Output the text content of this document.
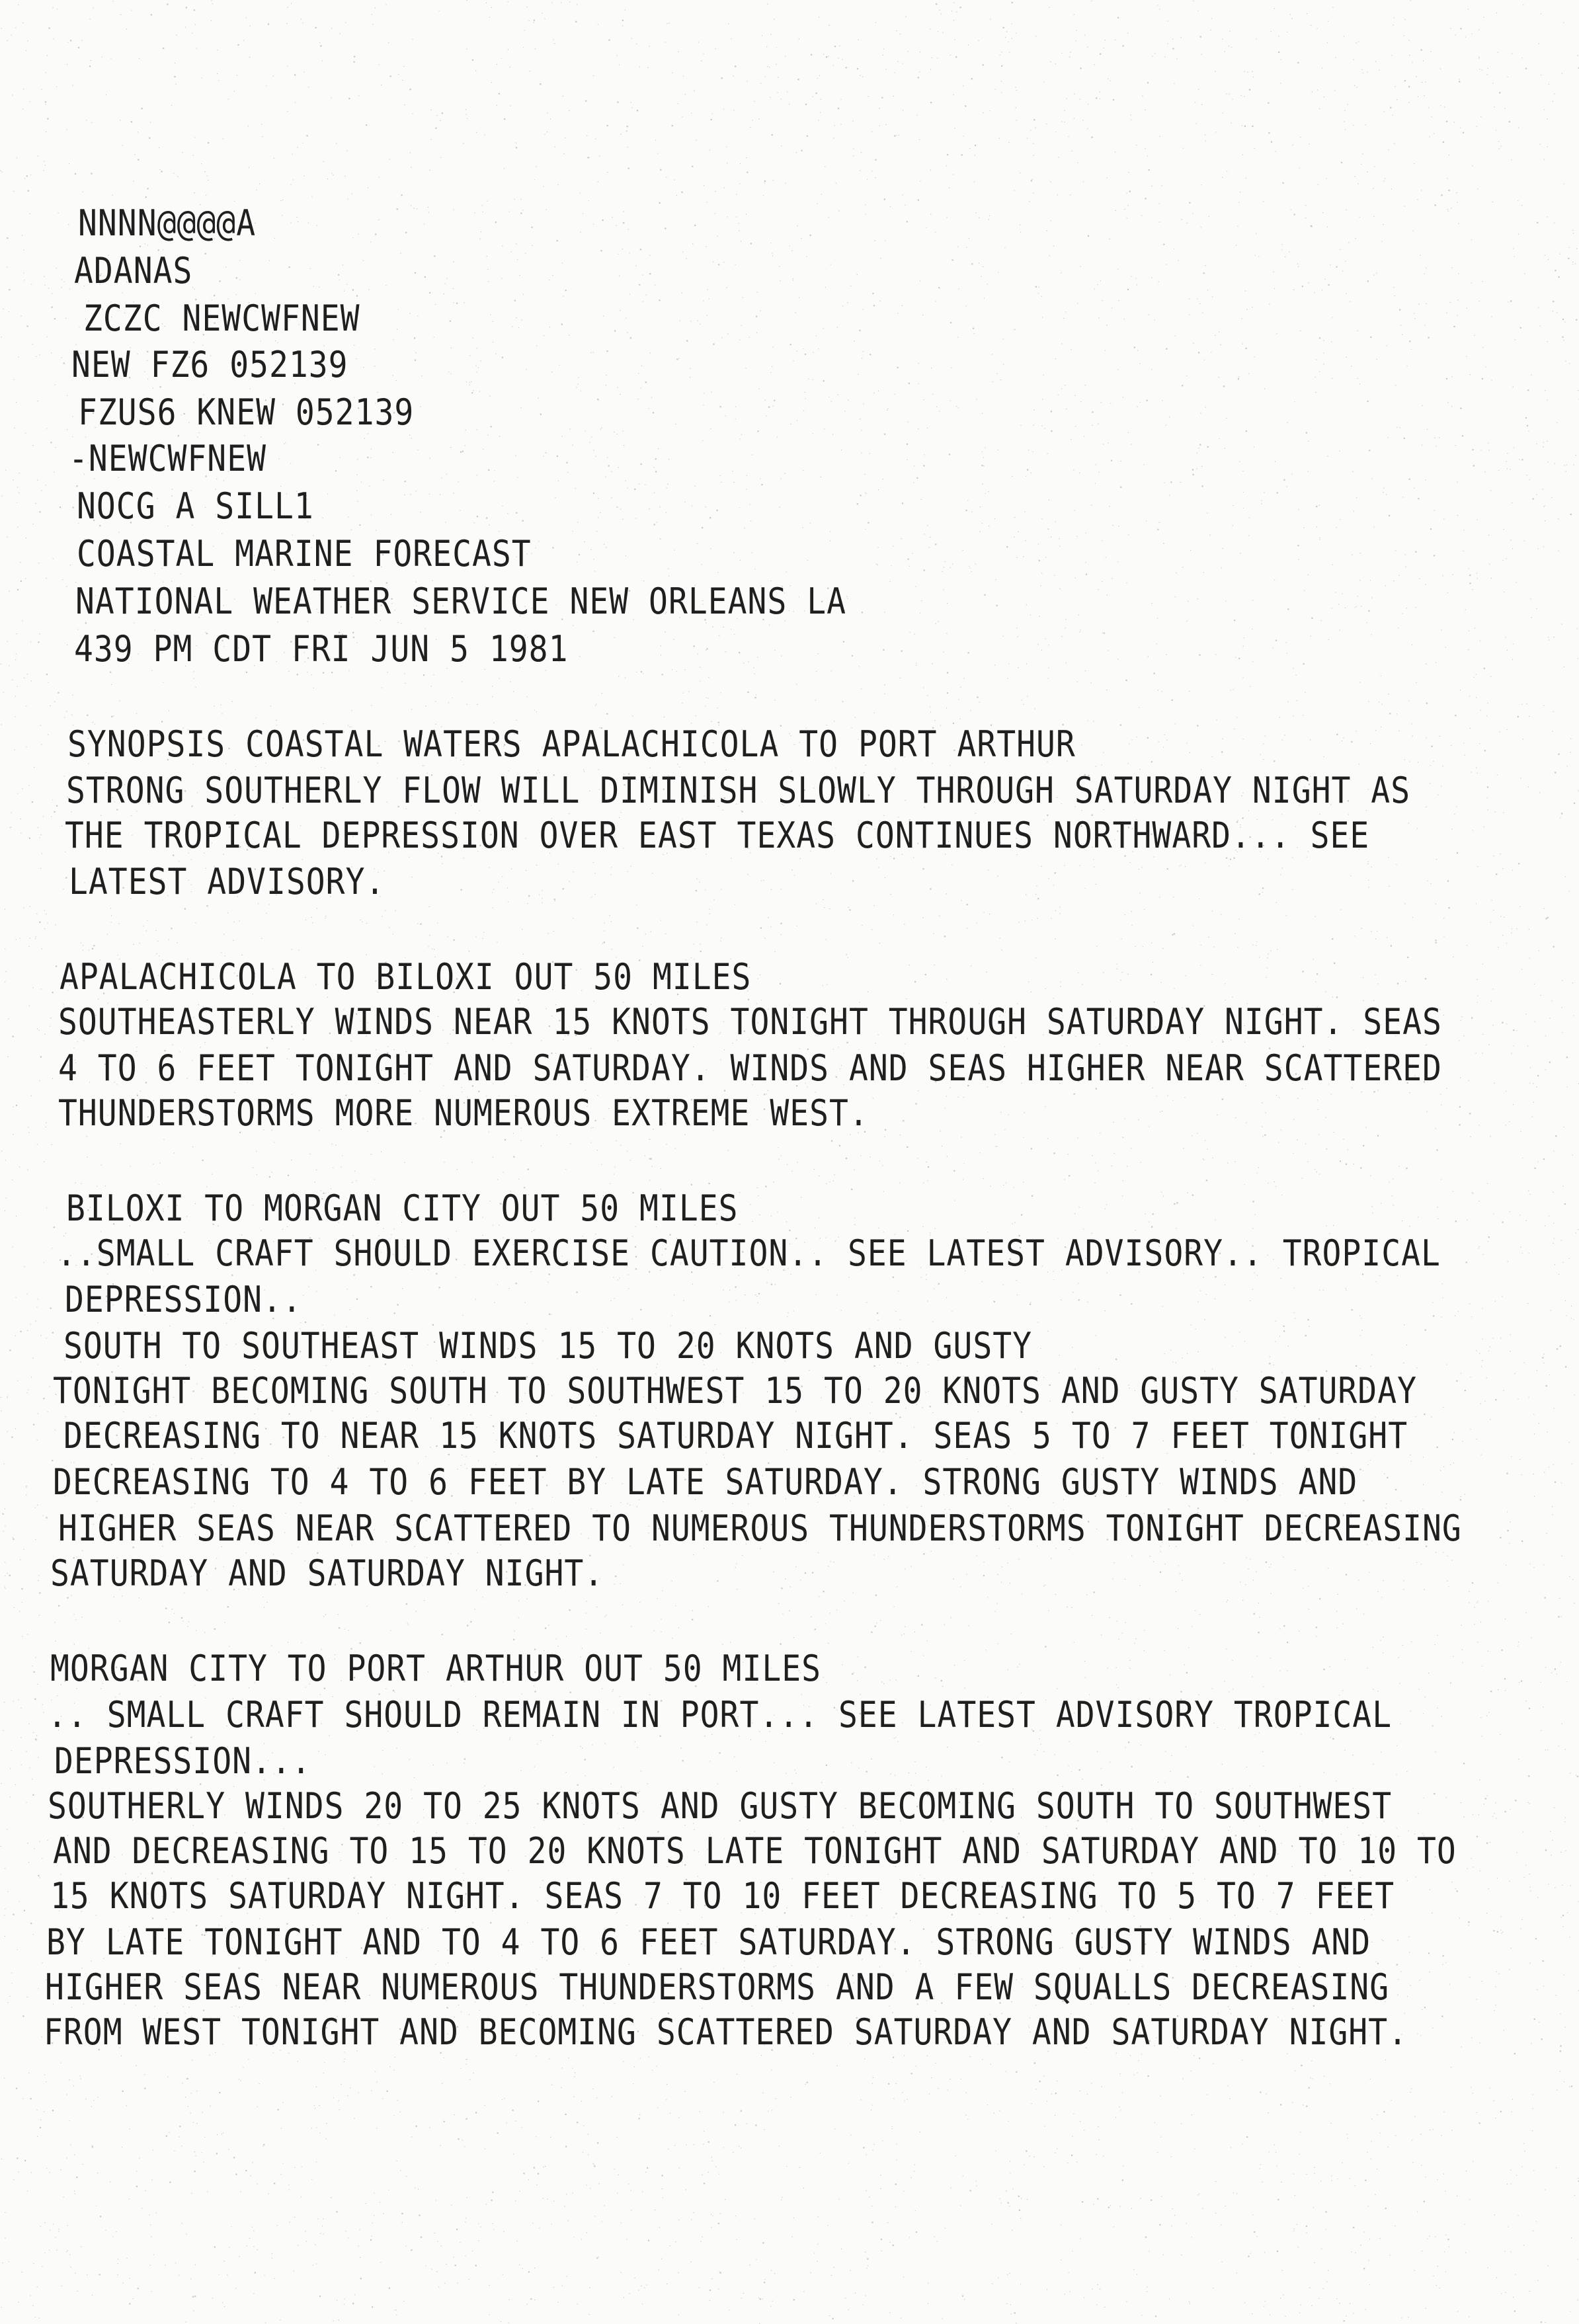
NNNN@@@@A
ADANAS
ZCZC NEWCWFNEW
NEW FZ6 052139
FZUS6 KNEW 052139
-NEWCWFNEW
NOCG A SILL1
COASTAL MARINE FORECAST
NATIONAL WEATHER SERVICE NEW ORLEANS LA
439 PM CDT FRI JUN 5 1981
SYNOPSIS COASTAL WATERS APALACHICOLA TO PORT ARTHUR
STRONG SOUTHERLY FLOW WILL DIMINISH SLOWLY THROUGH SATURDAY NIGHT AS
THE TROPICAL DEPRESSION OVER EAST TEXAS CONTINUES NORTHWARD... SEE
LATEST ADVISORY.
APALACHICOLA TO BILOXI OUT 50 MILES
SOUTHEASTERLY WINDS NEAR 15 KNOTS TONIGHT THROUGH SATURDAY NIGHT. SEAS
4 TO 6 FEET TONIGHT AND SATURDAY. WINDS AND SEAS HIGHER NEAR SCATTERED
THUNDERSTORMS MORE NUMEROUS EXTREME WEST.
BILOXI TO MORGAN CITY OUT 50 MILES
..SMALL CRAFT SHOULD EXERCISE CAUTION.. SEE LATEST ADVISORY.. TROPICAL
DEPRESSION..
SOUTH TO SOUTHEAST WINDS 15 TO 20 KNOTS AND GUSTY
TONIGHT BECOMING SOUTH TO SOUTHWEST 15 TO 20 KNOTS AND GUSTY SATURDAY
DECREASING TO NEAR 15 KNOTS SATURDAY NIGHT. SEAS 5 TO 7 FEET TONIGHT
DECREASING TO 4 TO 6 FEET BY LATE SATURDAY. STRONG GUSTY WINDS AND
HIGHER SEAS NEAR SCATTERED TO NUMEROUS THUNDERSTORMS TONIGHT DECREASING
SATURDAY AND SATURDAY NIGHT.
MORGAN CITY TO PORT ARTHUR OUT 50 MILES
.. SMALL CRAFT SHOULD REMAIN IN PORT... SEE LATEST ADVISORY TROPICAL
DEPRESSION...
SOUTHERLY WINDS 20 TO 25 KNOTS AND GUSTY BECOMING SOUTH TO SOUTHWEST
AND DECREASING TO 15 TO 20 KNOTS LATE TONIGHT AND SATURDAY AND TO 10 TO
15 KNOTS SATURDAY NIGHT. SEAS 7 TO 10 FEET DECREASING TO 5 TO 7 FEET
BY LATE TONIGHT AND TO 4 TO 6 FEET SATURDAY. STRONG GUSTY WINDS AND
HIGHER SEAS NEAR NUMEROUS THUNDERSTORMS AND A FEW SQUALLS DECREASING
FROM WEST TONIGHT AND BECOMING SCATTERED SATURDAY AND SATURDAY NIGHT.
